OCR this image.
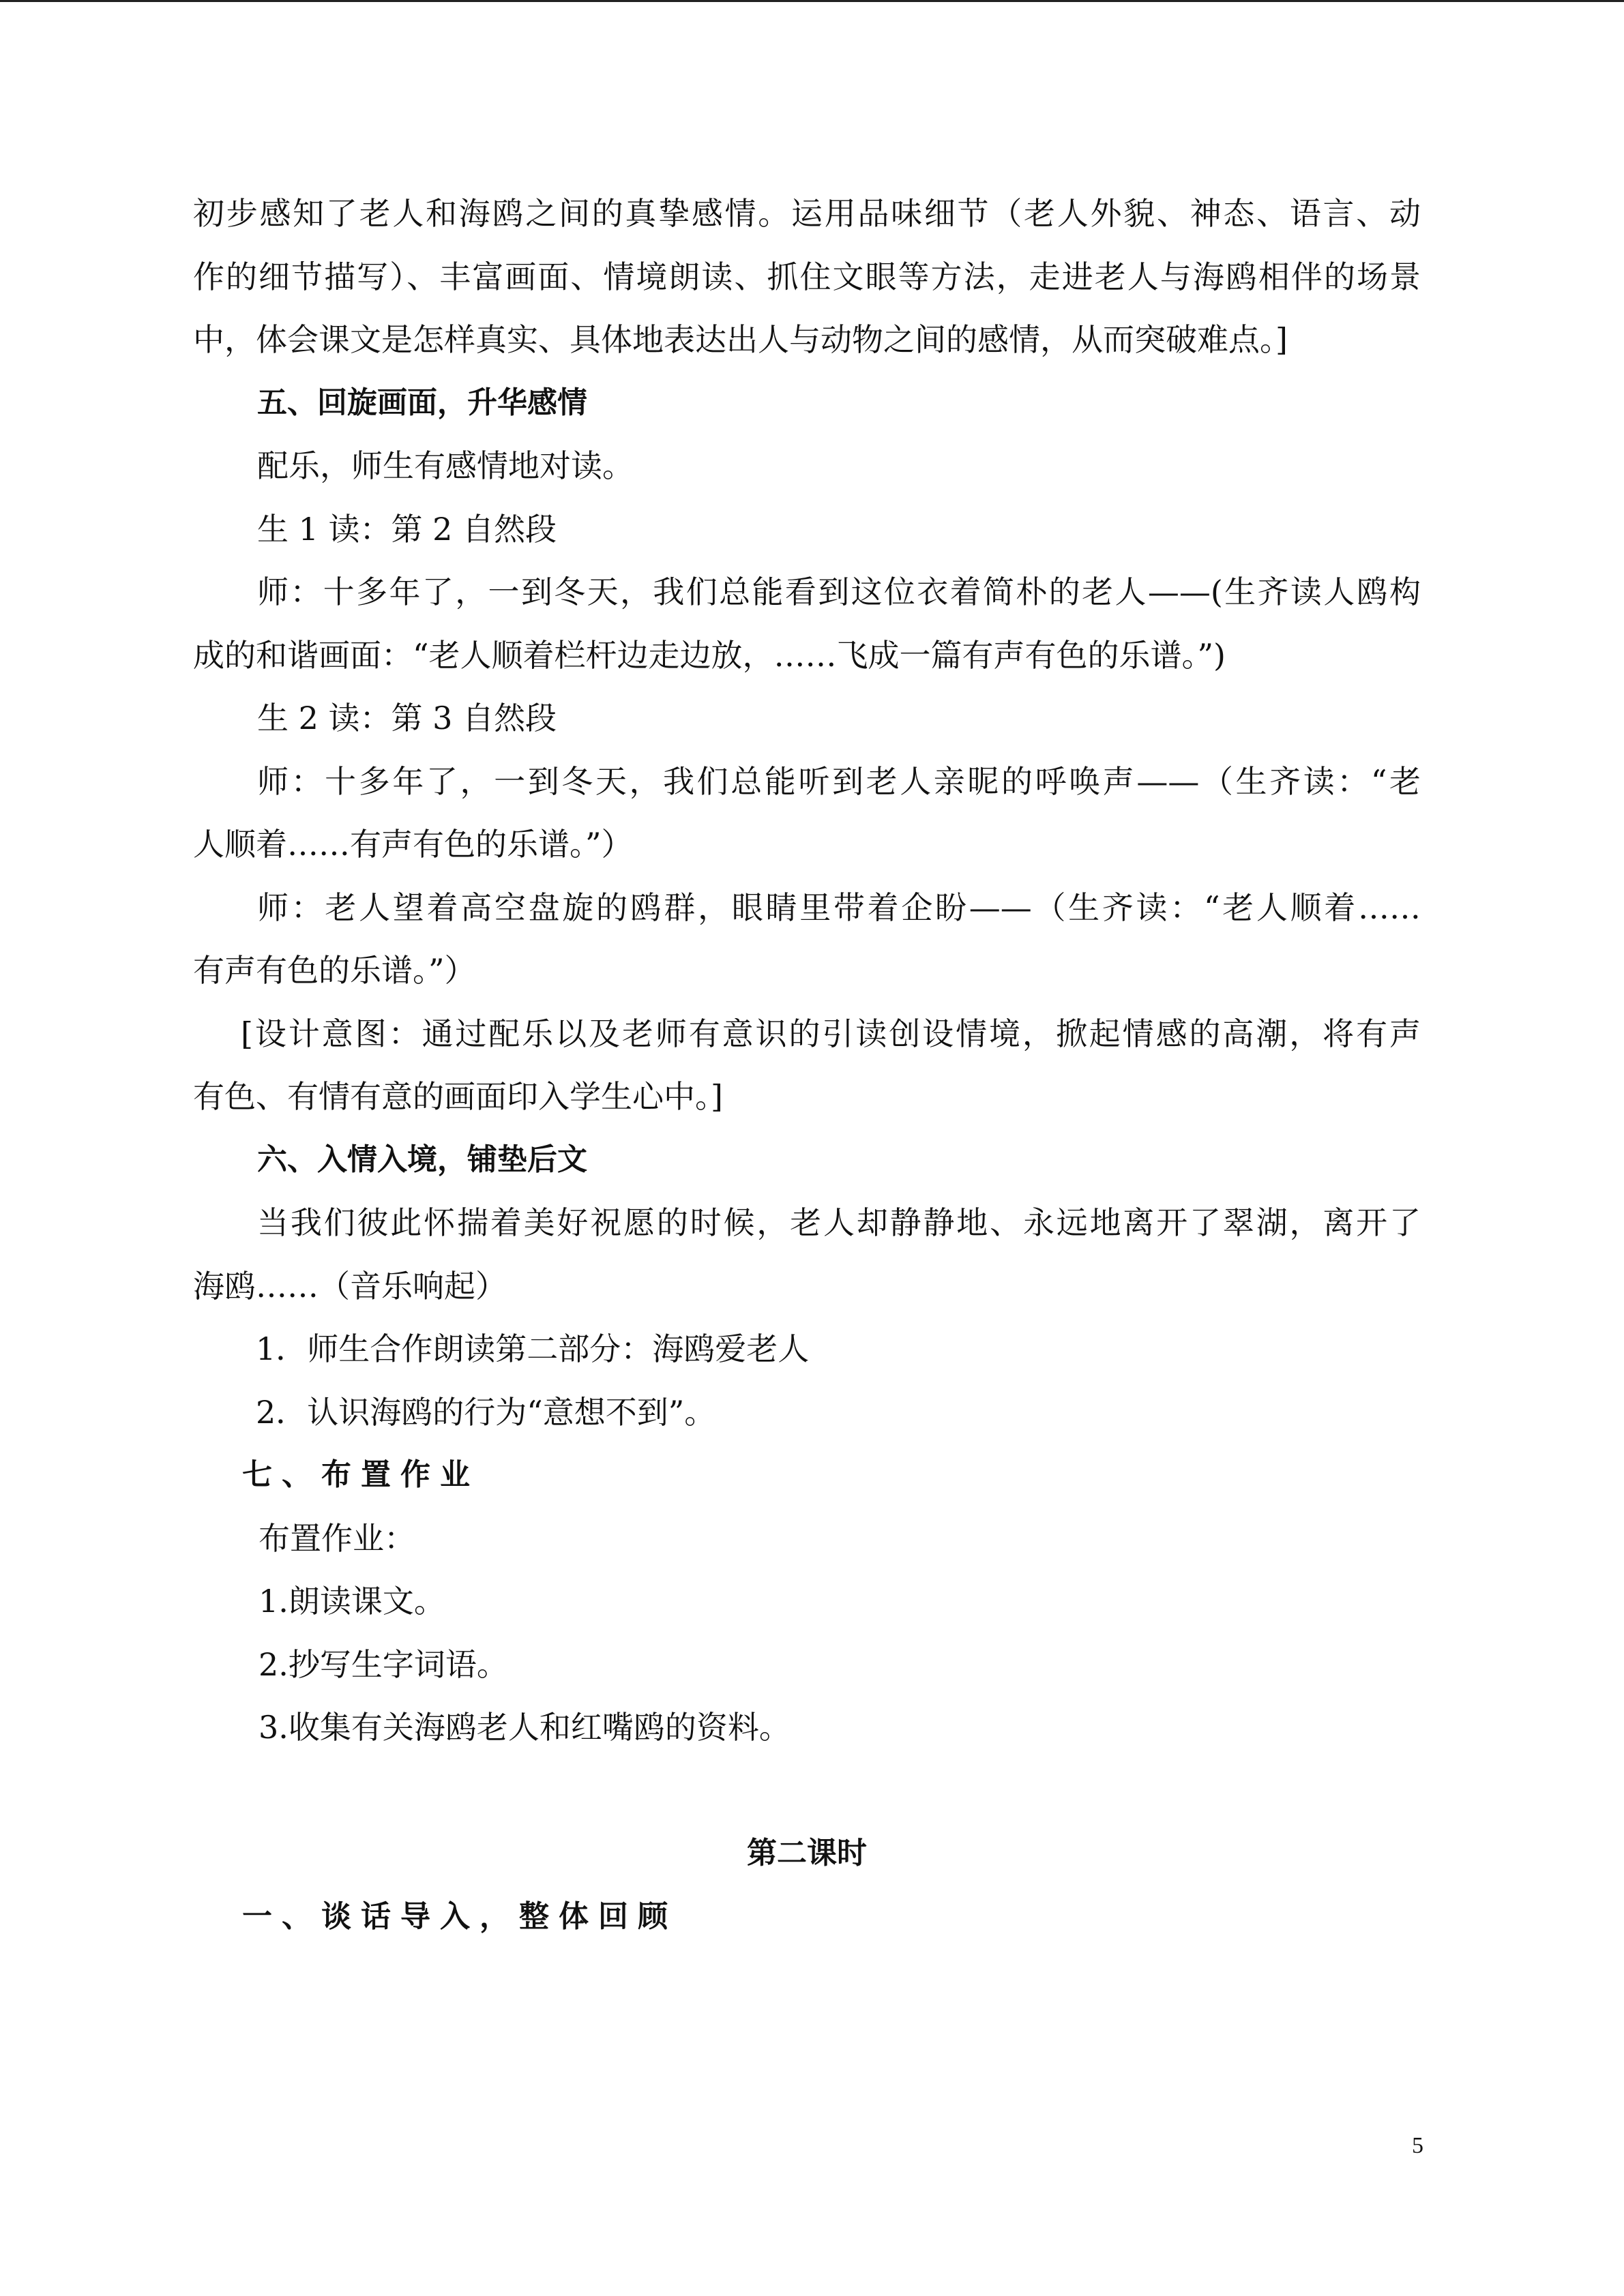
初步感知了老人和海鸥之间的真挚感情。运用品味细节（老人外貌、神态、语言、动
作的细节描写）、丰富画面、情境朗读、抓住文眼等方法，走进老人与海鸥相伴的场景
中，体会课文是怎样真实、具体地表达出人与动物之间的感情，从而突破难点。]
五、回旋画面，升华感情
配乐，师生有感情地对读。
生 1 读：第 2 自然段
师：十多年了，一到冬天，我们总能看到这位衣着简朴的老人——(生齐读人鸥构
成的和谐画面：“老人顺着栏杆边走边放，……飞成一篇有声有色的乐谱。”)
生 2 读：第 3 自然段
师：十多年了，一到冬天，我们总能听到老人亲昵的呼唤声——（生齐读：“老
人顺着……有声有色的乐谱。”）
师：老人望着高空盘旋的鸥群，眼睛里带着企盼——（生齐读：“老人顺着……
有声有色的乐谱。”）
[设计意图：通过配乐以及老师有意识的引读创设情境，掀起情感的高潮，将有声
有色、有情有意的画面印入学生心中。]
六、入情入境，铺垫后文
当我们彼此怀揣着美好祝愿的时候，老人却静静地、永远地离开了翠湖，离开了
海鸥……（音乐响起）
1．师生合作朗读第二部分：海鸥爱老人
2．认识海鸥的行为“意想不到”。
七、布置作业
布置作业：
1.朗读课文。
2.抄写生字词语。
3.收集有关海鸥老人和红嘴鸥的资料。
第二课时
一、谈话导入，整体回顾
5
